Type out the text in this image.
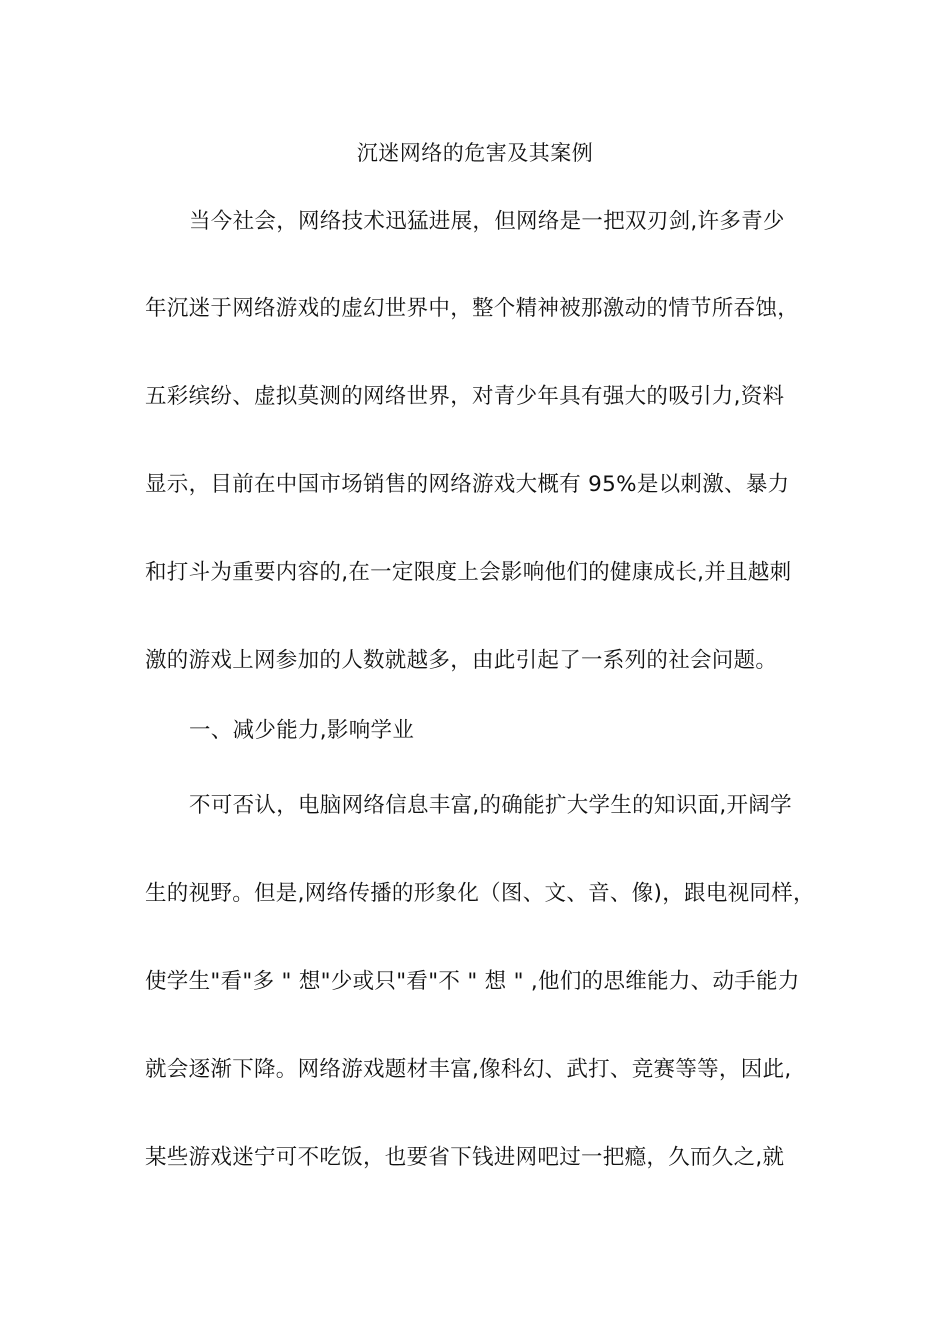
沉迷网络的危害及其案例
当今社会，网络技术迅猛进展，但网络是一把双刃剑,许多青少
年沉迷于网络游戏的虚幻世界中，整个精神被那激动的情节所吞蚀，
五彩缤纷、虚拟莫测的网络世界，对青少年具有强大的吸引力,资料
显示，目前在中国市场销售的网络游戏大概有 95%是以刺激、暴力
和打斗为重要内容的,在一定限度上会影响他们的健康成长,并且越刺
激的游戏上网参加的人数就越多，由此引起了一系列的社会问题。
一、减少能力,影响学业
不可否认，电脑网络信息丰富,的确能扩大学生的知识面,开阔学
生的视野。但是,网络传播的形象化（图、文、音、像)，跟电视同样，
使学生"看"多 " 想"少或只"看"不 " 想 " ,他们的思维能力、动手能力
就会逐渐下降。网络游戏题材丰富,像科幻、武打、竞赛等等，因此,
某些游戏迷宁可不吃饭，也要省下钱进网吧过一把瘾，久而久之,就
